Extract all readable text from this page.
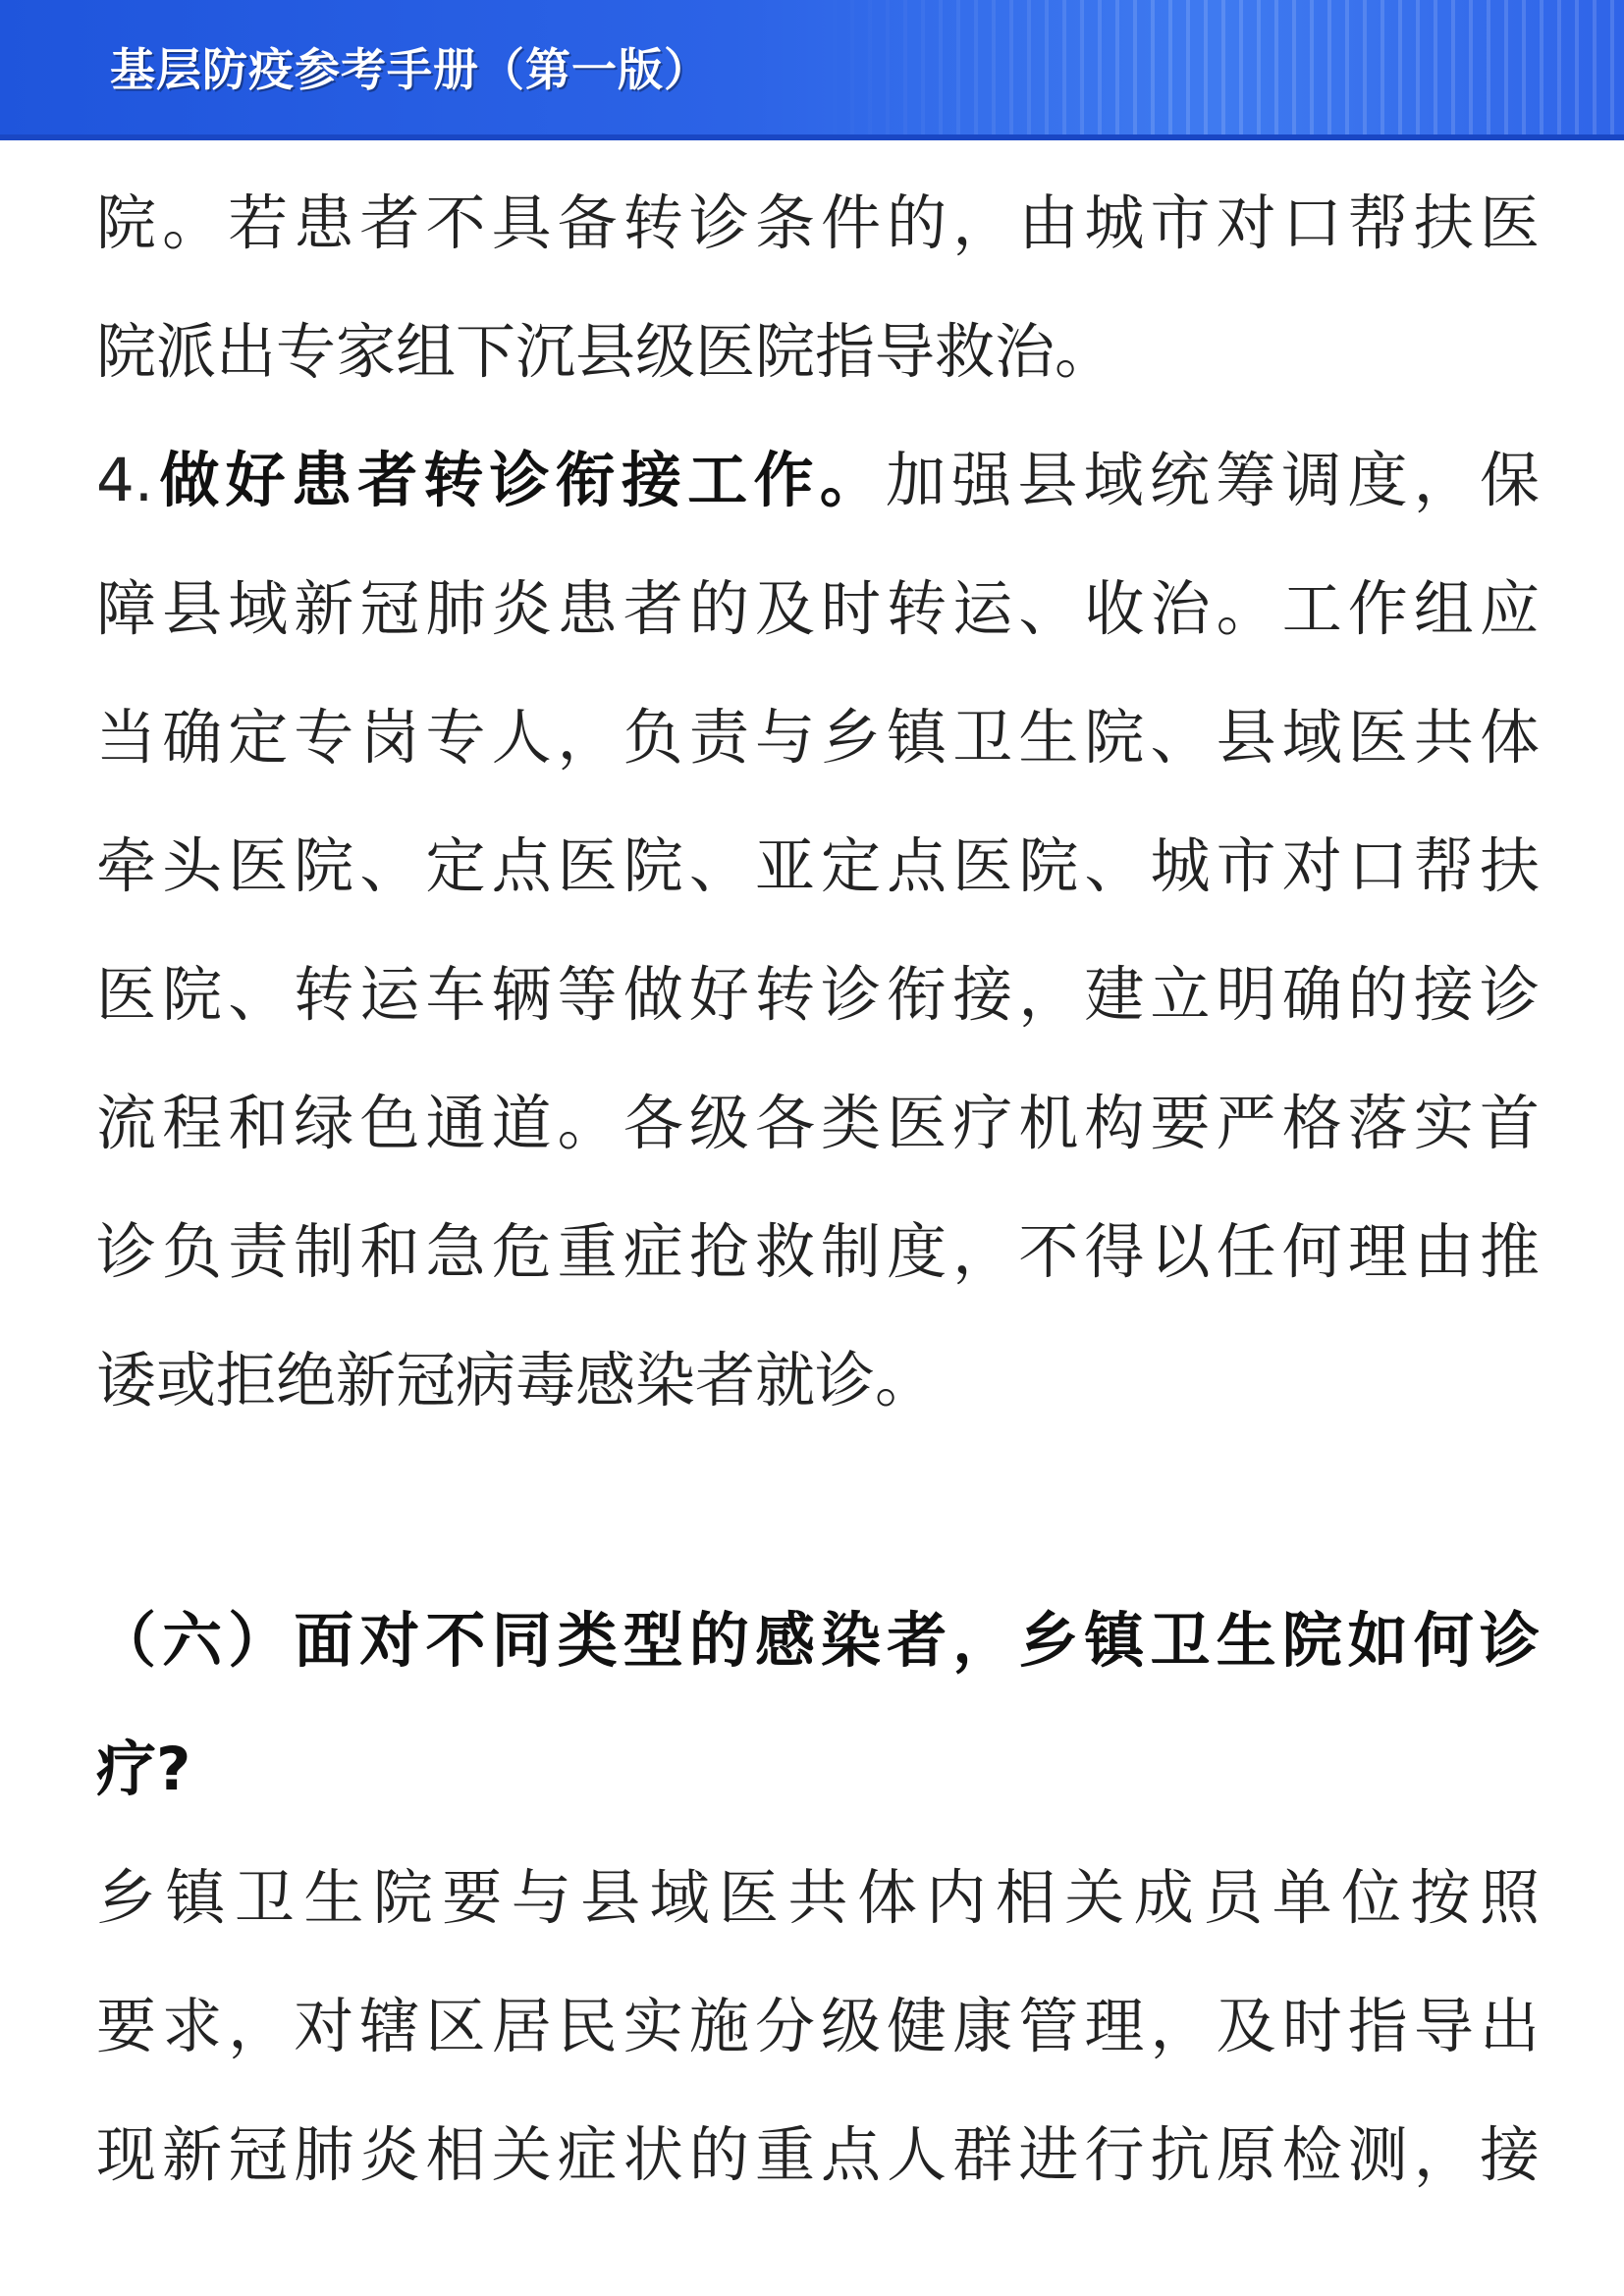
基层防疫参考手册（第一版）
院。若患者不具备转诊条件的，由城市对口帮扶医
院派出专家组下沉县级医院指导救治。
4.做好患者转诊衔接工作。加强县域统筹调度，保
障县域新冠肺炎患者的及时转运、收治。工作组应
当确定专岗专人，负责与乡镇卫生院、县域医共体
牵头医院、定点医院、亚定点医院、城市对口帮扶
医院、转运车辆等做好转诊衔接，建立明确的接诊
流程和绿色通道。各级各类医疗机构要严格落实首
诊负责制和急危重症抢救制度，不得以任何理由推
诿或拒绝新冠病毒感染者就诊。
（六）面对不同类型的感染者，乡镇卫生院如何诊
疗?
乡镇卫生院要与县域医共体内相关成员单位按照
要求，对辖区居民实施分级健康管理，及时指导出
现新冠肺炎相关症状的重点人群进行抗原检测，接
